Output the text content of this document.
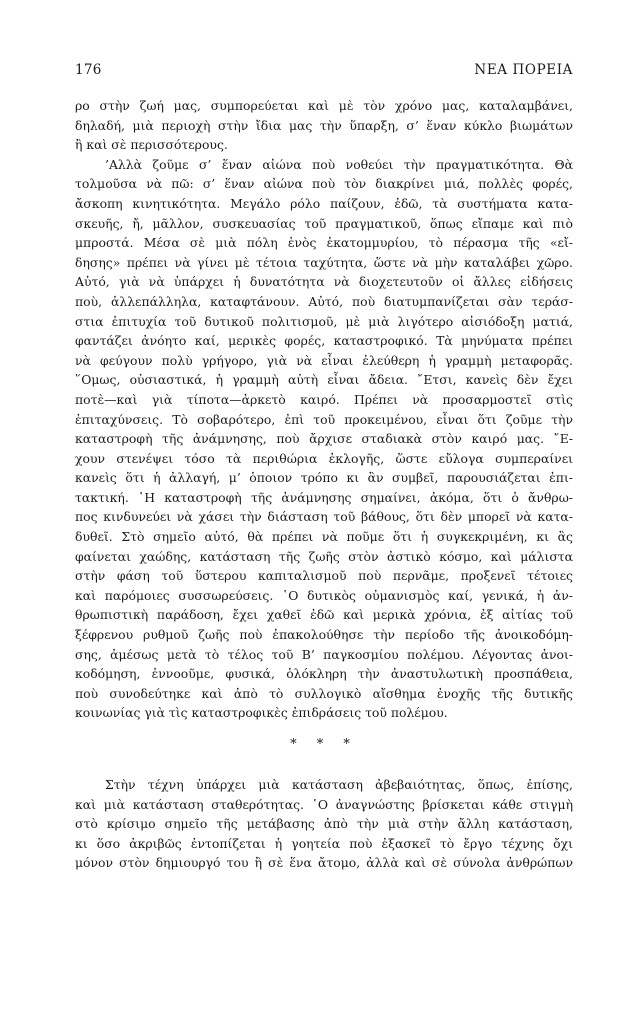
176	ΝΕΑ ΠΟΡΕΙΑ
ρο στὴν ζωή μας, συμπορεύεται καὶ μὲ τὸν χρόνο μας, καταλαμβάνει,
δηλαδή, μιὰ περιοχὴ στὴν ἴδια μας τὴν ὕπαρξη, σ’ ἕναν κύκλο βιωμάτων
ἢ καὶ σὲ περισσότερους.
’Αλλὰ ζοῦμε σ’ ἕναν αἰώνα ποὺ νοθεύει τὴν πραγματικότητα. Θὰ
τολμοῦσα νὰ πῶ: σ’ ἕναν αἰώνα ποὺ τὸν διακρίνει μιά, πολλὲς φορές,
ἄσκοπη κινητικότητα. Μεγάλο ρόλο παίζουν, ἐδῶ, τὰ συστήματα κατα-
σκευῆς, ἤ, μᾶλλον, συσκευασίας τοῦ πραγματικοῦ, ὅπως εἴπαμε καὶ πιὸ
μπροστά. Μέσα σὲ μιὰ πόλη ἑνὸς ἑκατομμυρίου, τὸ πέρασμα τῆς «εἴ-
δησης» πρέπει νὰ γίνει μὲ τέτοια ταχύτητα, ὥστε νὰ μὴν καταλάβει χῶρο.
Αὐτό, γιὰ νὰ ὑπάρχει ἡ δυνατότητα νὰ διοχετευτοῦν οἱ ἄλλες εἰδήσεις
ποὺ, ἀλλεπάλληλα, καταφτάνουν. Αὐτό, ποὺ διατυμπανίζεται σὰν τεράσ-
στια ἐπιτυχία τοῦ δυτικοῦ πολιτισμοῦ, μὲ μιὰ λιγότερο αἰσιόδοξη ματιά,
φαντάζει ἀνόητο καί, μερικὲς φορές, καταστροφικό. Τὰ μηνύματα πρέπει
νὰ φεύγουν πολὺ γρήγορο, γιὰ νὰ εἶναι ἐλεύθερη ἡ γραμμὴ μεταφορᾶς.
῞Ομως, οὐσιαστικά, ἡ γραμμὴ αὐτὴ εἶναι ἄδεια. ῎Ετσι, κανεὶς δὲν ἔχει
ποτὲ—καὶ γιὰ τίποτα—ἀρκετὸ καιρό. Πρέπει νὰ προσαρμοστεῖ στὶς
ἐπιταχύνσεις. Τὸ σοβαρότερο, ἐπὶ τοῦ προκειμένου, εἶναι ὅτι ζοῦμε τὴν
καταστροφὴ τῆς ἀνάμνησης, ποὺ ἄρχισε σταδιακὰ στὸν καιρό μας. ῎Ε-
χουν στενέψει τόσο τὰ περιθώρια ἐκλογῆς, ὥστε εὔλογα συμπεραίνει
κανεὶς ὅτι ἡ ἀλλαγή, μ’ ὁποιον τρόπο κι ἂν συμβεῖ, παρουσιάζεται ἐπι-
τακτική. ῾Η καταστροφὴ τῆς ἀνάμνησης σημαίνει, ἀκόμα, ὅτι ὁ ἄνθρω-
πος κινδυνεύει νὰ χάσει τὴν διάσταση τοῦ βάθους, ὅτι δὲν μπορεῖ νὰ κατα-
δυθεῖ. Στὸ σημεῖο αὐτό, θὰ πρέπει νὰ ποῦμε ὅτι ἡ συγκεκριμένη, κι ἂς
φαίνεται χαώδης, κατάσταση τῆς ζωῆς στὸν ἀστικὸ κόσμο, καὶ μάλιστα
στὴν φάση τοῦ ὕστερου καπιταλισμοῦ ποὺ περνᾶμε, προξενεῖ τέτοιες
καὶ παρόμοιες συσσωρεύσεις. ῾Ο δυτικὸς οὐμανισμὸς καί, γενικά, ἡ ἀν-
θρωπιστικὴ παράδοση, ἔχει χαθεῖ ἐδῶ καὶ μερικὰ χρόνια, ἐξ αἰτίας τοῦ
ξέφρενου ρυθμοῦ ζωῆς ποὺ ἐπακολούθησε τὴν περίοδο τῆς ἀνοικοδόμη-
σης, ἀμέσως μετὰ τὸ τέλος τοῦ Β’ παγκοσμίου πολέμου. Λέγοντας ἀνοι-
κοδόμηση, ἐννοοῦμε, φυσικά, ὁλόκληρη τὴν ἀναστυλωτικὴ προσπάθεια,
ποὺ συνοδεύτηκε καὶ ἀπὸ τὸ συλλογικὸ αἴσθημα ἐνοχῆς τῆς δυτικῆς
κοινωνίας γιὰ τὶς καταστροφικὲς ἐπιδράσεις τοῦ πολέμου.
* * *
Στὴν τέχνη ὑπάρχει μιὰ κατάσταση ἀβεβαιότητας, ὅπως, ἐπίσης,
καὶ μιὰ κατάσταση σταθερότητας. ῾Ο ἀναγνώστης βρίσκεται κάθε στιγμὴ
στὸ κρίσιμο σημεῖο τῆς μετάβασης ἀπὸ τὴν μιὰ στὴν ἄλλη κατάσταση,
κι ὅσο ἀκριβῶς ἐντοπίζεται ἡ γοητεία ποὺ ἐξασκεῖ τὸ ἔργο τέχνης ὄχι
μόνον στὸν δημιουργό του ἢ σὲ ἕνα ἄτομο, ἀλλὰ καὶ σὲ σύνολα ἀνθρώπων
